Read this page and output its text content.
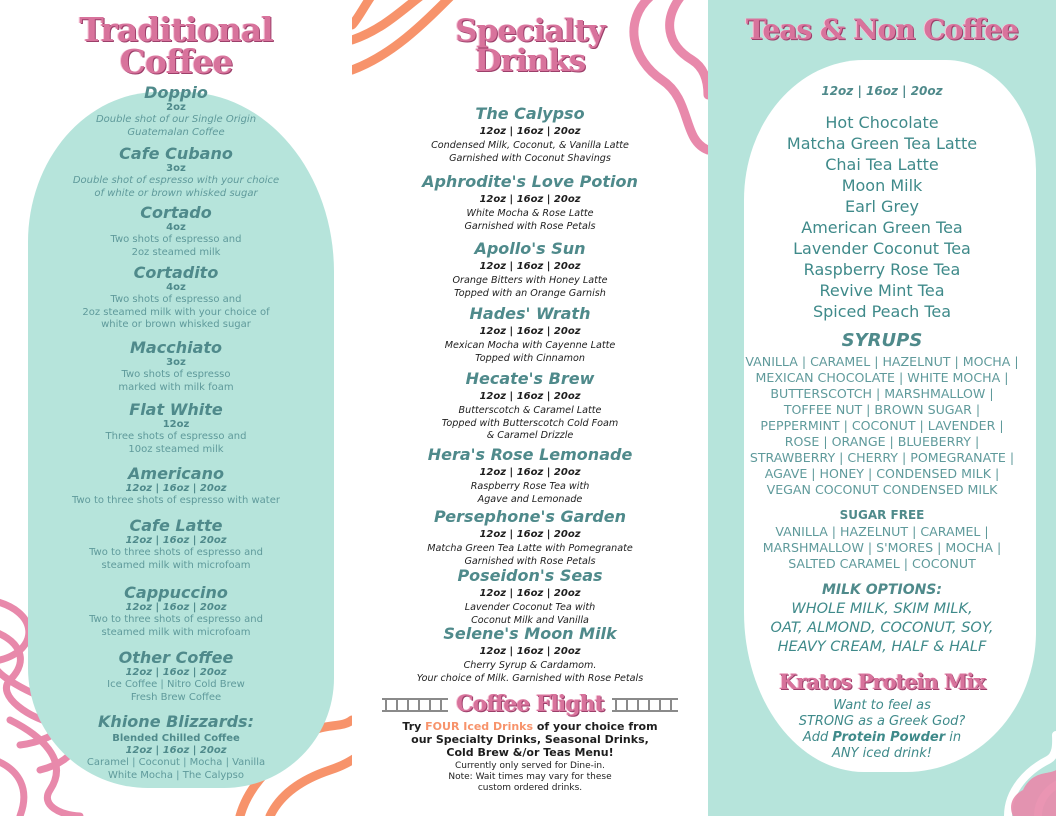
Traditional
Coffee
Doppio
2oz
Double shot of our Single Origin
Guatemalan Coffee
Cafe Cubano
3oz
Double shot of espresso with your choice
of white or brown whisked sugar
Cortado
4oz
Two shots of espresso and
2oz steamed milk
Cortadito
4oz
Two shots of espresso and
2oz steamed milk with your choice of
white or brown whisked sugar
Macchiato
3oz
Two shots of espresso
marked with milk foam
Flat White
12oz
Three shots of espresso and
10oz steamed milk
Americano
12oz | 16oz | 20oz
Two to three shots of espresso with water
Cafe Latte
12oz | 16oz | 20oz
Two to three shots of espresso and
steamed milk with microfoam
Cappuccino
12oz | 16oz | 20oz
Two to three shots of espresso and
steamed milk with microfoam
Other Coffee
12oz | 16oz | 20oz
Ice Coffee | Nitro Cold Brew
Fresh Brew Coffee
Khione Blizzards:
Blended Chilled Coffee
12oz | 16oz | 20oz
Caramel | Coconut | Mocha | Vanilla
White Mocha | The Calypso
Specialty
Drinks
The Calypso
12oz | 16oz | 20oz
Condensed Milk, Coconut, & Vanilla Latte
Garnished with Coconut Shavings
Aphrodite's Love Potion
12oz | 16oz | 20oz
White Mocha & Rose Latte
Garnished with Rose Petals
Apollo's Sun
12oz | 16oz | 20oz
Orange Bitters with Honey Latte
Topped with an Orange Garnish
Hades' Wrath
12oz | 16oz | 20oz
Mexican Mocha with Cayenne Latte
Topped with Cinnamon
Hecate's Brew
12oz | 16oz | 20oz
Butterscotch & Caramel Latte
Topped with Butterscotch Cold Foam
& Caramel Drizzle
Hera's Rose Lemonade
12oz | 16oz | 20oz
Raspberry Rose Tea with
Agave and Lemonade
Persephone's Garden
12oz | 16oz | 20oz
Matcha Green Tea Latte with Pomegranate
Garnished with Rose Petals
Poseidon's Seas
12oz | 16oz | 20oz
Lavender Coconut Tea with
Coconut Milk and Vanilla
Selene's Moon Milk
12oz | 16oz | 20oz
Cherry Syrup & Cardamom.
Your choice of Milk. Garnished with Rose Petals
Coffee Flight
Try FOUR Iced Drinks of your choice from
our Specialty Drinks, Seasonal Drinks,
Cold Brew &/or Teas Menu!
Currently only served for Dine-in.
Note: Wait times may vary for these
custom ordered drinks.
Teas & Non Coffee
12oz | 16oz | 20oz
Hot Chocolate
Matcha Green Tea Latte
Chai Tea Latte
Moon Milk
Earl Grey
American Green Tea
Lavender Coconut Tea
Raspberry Rose Tea
Revive Mint Tea
Spiced Peach Tea
SYRUPS
VANILLA | CARAMEL | HAZELNUT | MOCHA |
MEXICAN CHOCOLATE | WHITE MOCHA |
BUTTERSCOTCH | MARSHMALLOW |
TOFFEE NUT | BROWN SUGAR |
PEPPERMINT | COCONUT | LAVENDER |
ROSE | ORANGE | BLUEBERRY |
STRAWBERRY | CHERRY | POMEGRANATE |
AGAVE | HONEY | CONDENSED MILK |
VEGAN COCONUT CONDENSED MILK
SUGAR FREE
VANILLA | HAZELNUT | CARAMEL |
MARSHMALLOW | S'MORES | MOCHA |
SALTED CARAMEL | COCONUT
MILK OPTIONS:
WHOLE MILK, SKIM MILK,
OAT, ALMOND, COCONUT, SOY,
HEAVY CREAM, HALF & HALF
Kratos Protein Mix
Want to feel as
STRONG as a Greek God?
Add Protein Powder in
ANY iced drink!
